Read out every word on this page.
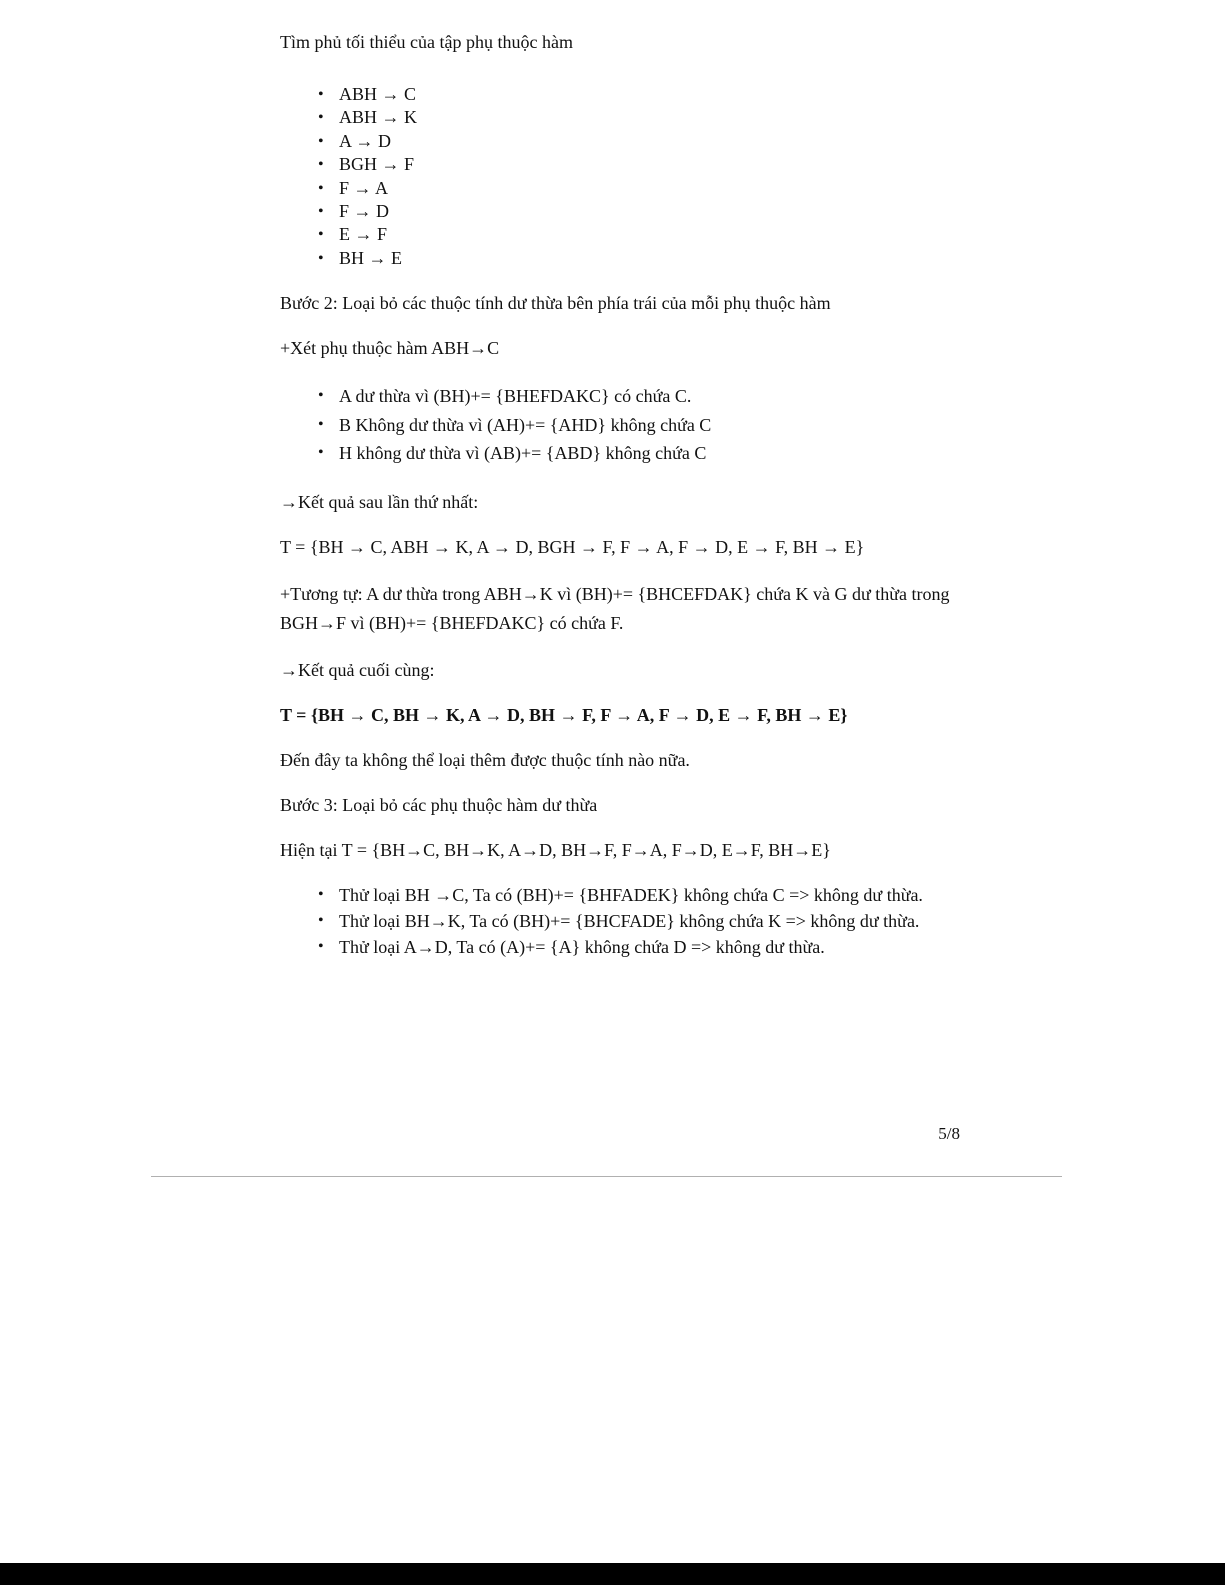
Tìm phủ tối thiểu của tập phụ thuộc hàm

• ABH → C
• ABH → K
• A → D
• BGH → F
• F → A
• F → D
• E → F
• BH → E

Bước 2: Loại bỏ các thuộc tính dư thừa bên phía trái của mỗi phụ thuộc hàm

+Xét phụ thuộc hàm ABH→C

• A dư thừa vì (BH)+= {BHEFDAKC} có chứa C.
• B Không dư thừa vì (AH)+= {AHD} không chứa C
• H không dư thừa vì (AB)+= {ABD} không chứa C

→Kết quả sau lần thứ nhất:

T = {BH → C, ABH → K, A → D, BGH → F, F → A, F → D, E → F, BH → E}

+Tương tự: A dư thừa trong ABH→K vì (BH)+= {BHCEFDAK} chứa K và G dư thừa trong BGH→F vì (BH)+= {BHEFDAKC} có chứa F.

→Kết quả cuối cùng:

T = {BH → C, BH → K, A → D, BH → F, F → A, F → D, E → F, BH → E}

Đến đây ta không thể loại thêm được thuộc tính nào nữa.

Bước 3: Loại bỏ các phụ thuộc hàm dư thừa

Hiện tại T = {BH→C, BH→K, A→D, BH→F, F→A, F→D, E→F, BH→E}

• Thử loại BH →C, Ta có (BH)+= {BHFADEK} không chứa C => không dư thừa.
• Thử loại BH→K, Ta có (BH)+= {BHCFADE} không chứa K => không dư thừa.
• Thử loại A→D, Ta có (A)+= {A} không chứa D => không dư thừa.
5/8
